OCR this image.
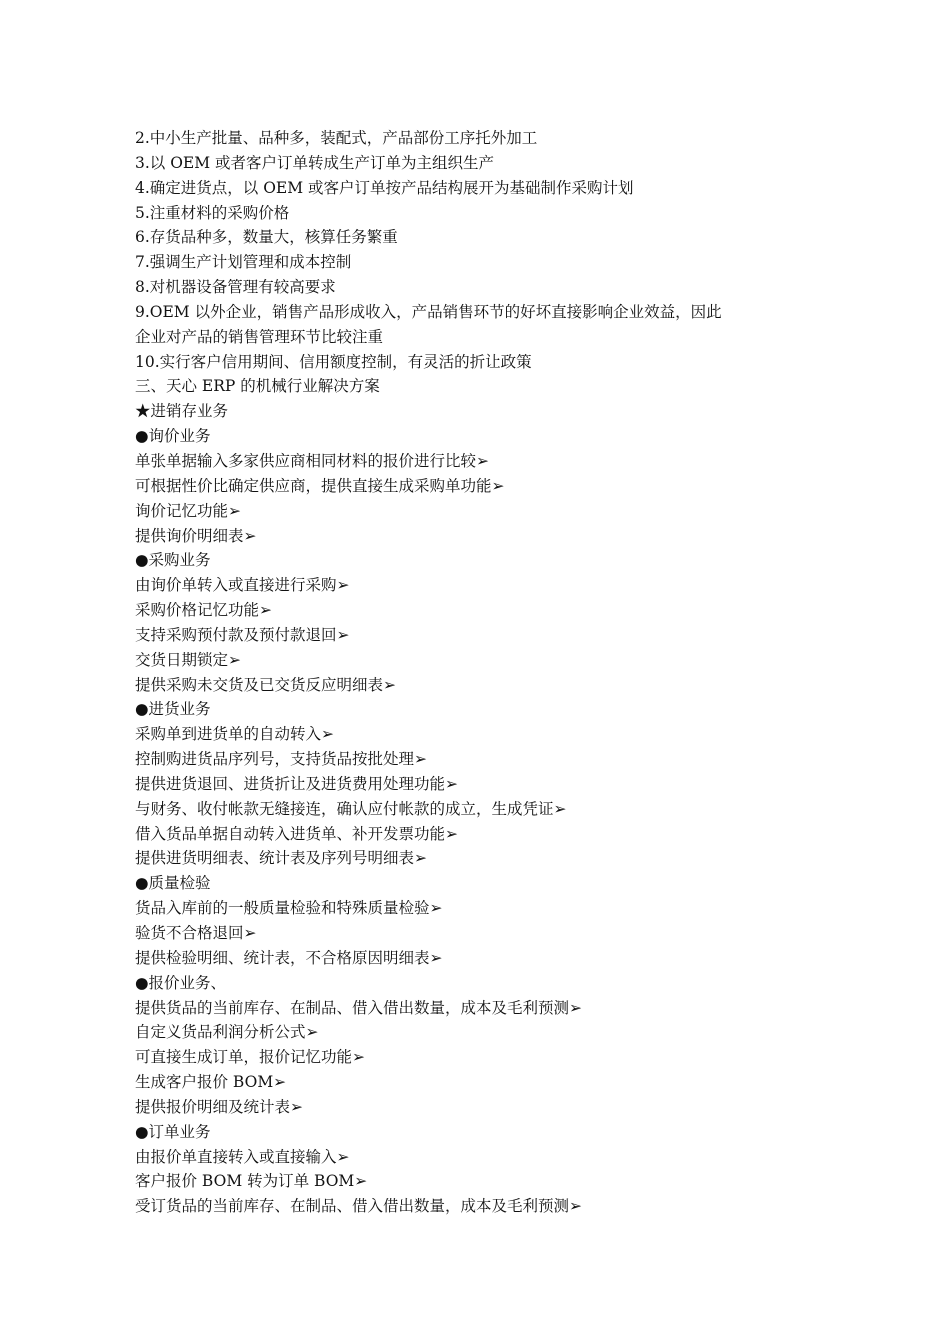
2.中小生产批量、品种多，装配式，产品部份工序托外加工
3.以 OEM 或者客户订单转成生产订单为主组织生产
4.确定进货点，以 OEM 或客户订单按产品结构展开为基础制作采购计划
5.注重材料的采购价格
6.存货品种多，数量大，核算任务繁重
7.强调生产计划管理和成本控制
8.对机器设备管理有较高要求
9.OEM 以外企业，销售产品形成收入，产品销售环节的好坏直接影响企业效益，因此
企业对产品的销售管理环节比较注重
10.实行客户信用期间、信用额度控制，有灵活的折让政策
三、天心 ERP 的机械行业解决方案
★进销存业务
●询价业务
单张单据输入多家供应商相同材料的报价进行比较➢
可根据性价比确定供应商，提供直接生成采购单功能➢
询价记忆功能➢
提供询价明细表➢
●采购业务
由询价单转入或直接进行采购➢
采购价格记忆功能➢
支持采购预付款及预付款退回➢
交货日期锁定➢
提供采购未交货及已交货反应明细表➢
●进货业务
采购单到进货单的自动转入➢
控制购进货品序列号，支持货品按批处理➢
提供进货退回、进货折让及进货费用处理功能➢
与财务、收付帐款无缝接连，确认应付帐款的成立，生成凭证➢
借入货品单据自动转入进货单、补开发票功能➢
提供进货明细表、统计表及序列号明细表➢
●质量检验
货品入库前的一般质量检验和特殊质量检验➢
验货不合格退回➢
提供检验明细、统计表，不合格原因明细表➢
●报价业务、
提供货品的当前库存、在制品、借入借出数量，成本及毛利预测➢
自定义货品利润分析公式➢
可直接生成订单，报价记忆功能➢
生成客户报价 BOM➢
提供报价明细及统计表➢
●订单业务
由报价单直接转入或直接输入➢
客户报价 BOM 转为订单 BOM➢
受订货品的当前库存、在制品、借入借出数量，成本及毛利预测➢
